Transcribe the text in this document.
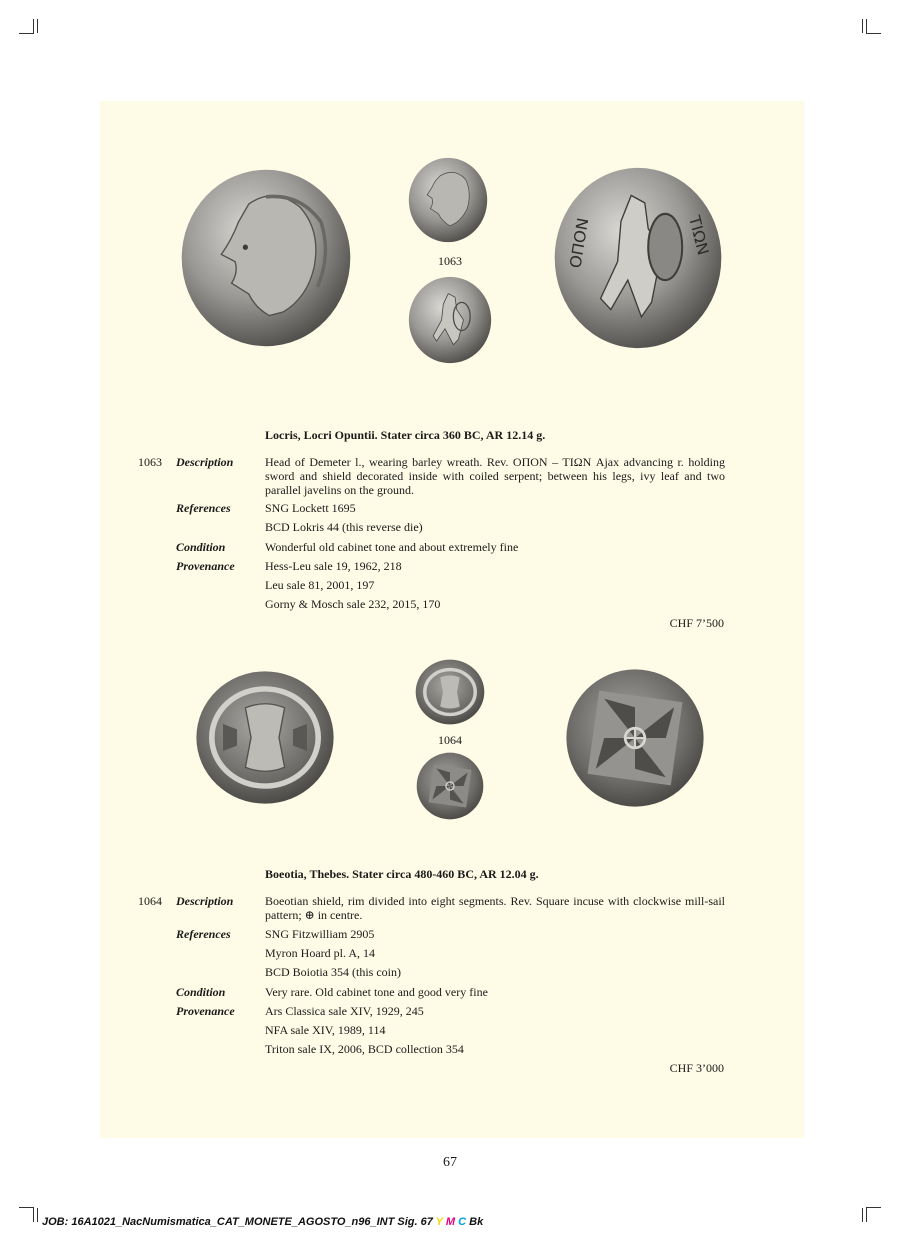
1063	ΟΠΟΝ	ΤΙΩΝ
Locris, Locri Opuntii. Stater circa 360 BC, AR 12.14 g.
1063 Description	Head of Demeter l., wearing barley wreath. Rev. ΟΠΟΝ – ΤΙΩΝ Ajax advancing r. holding sword and shield decorated inside with coiled serpent; between his legs, ivy leaf and two parallel javelins on the ground.
References	SNG Lockett 1695
BCD Lokris 44 (this reverse die)
Condition	Wonderful old cabinet tone and about extremely fine
Provenance	Hess-Leu sale 19, 1962, 218
Leu sale 81, 2001, 197
Gorny & Mosch sale 232, 2015, 170
CHF 7’500
1064
Boeotia, Thebes. Stater circa 480-460 BC, AR 12.04 g.
1064 Description	Boeotian shield, rim divided into eight segments. Rev. Square incuse with clockwise mill-sail pattern; ⊕ in centre.
References	SNG Fitzwilliam 2905
Myron Hoard pl. A, 14
BCD Boiotia 354 (this coin)
Condition	Very rare. Old cabinet tone and good very fine
Provenance	Ars Classica sale XIV, 1929, 245
NFA sale XIV, 1989, 114
Triton sale IX, 2006, BCD collection 354
CHF 3’000
67
JOB: 16A1021_NacNumismatica_CAT_MONETE_AGOSTO_n96_INT Sig. 67 Y M C Bk
